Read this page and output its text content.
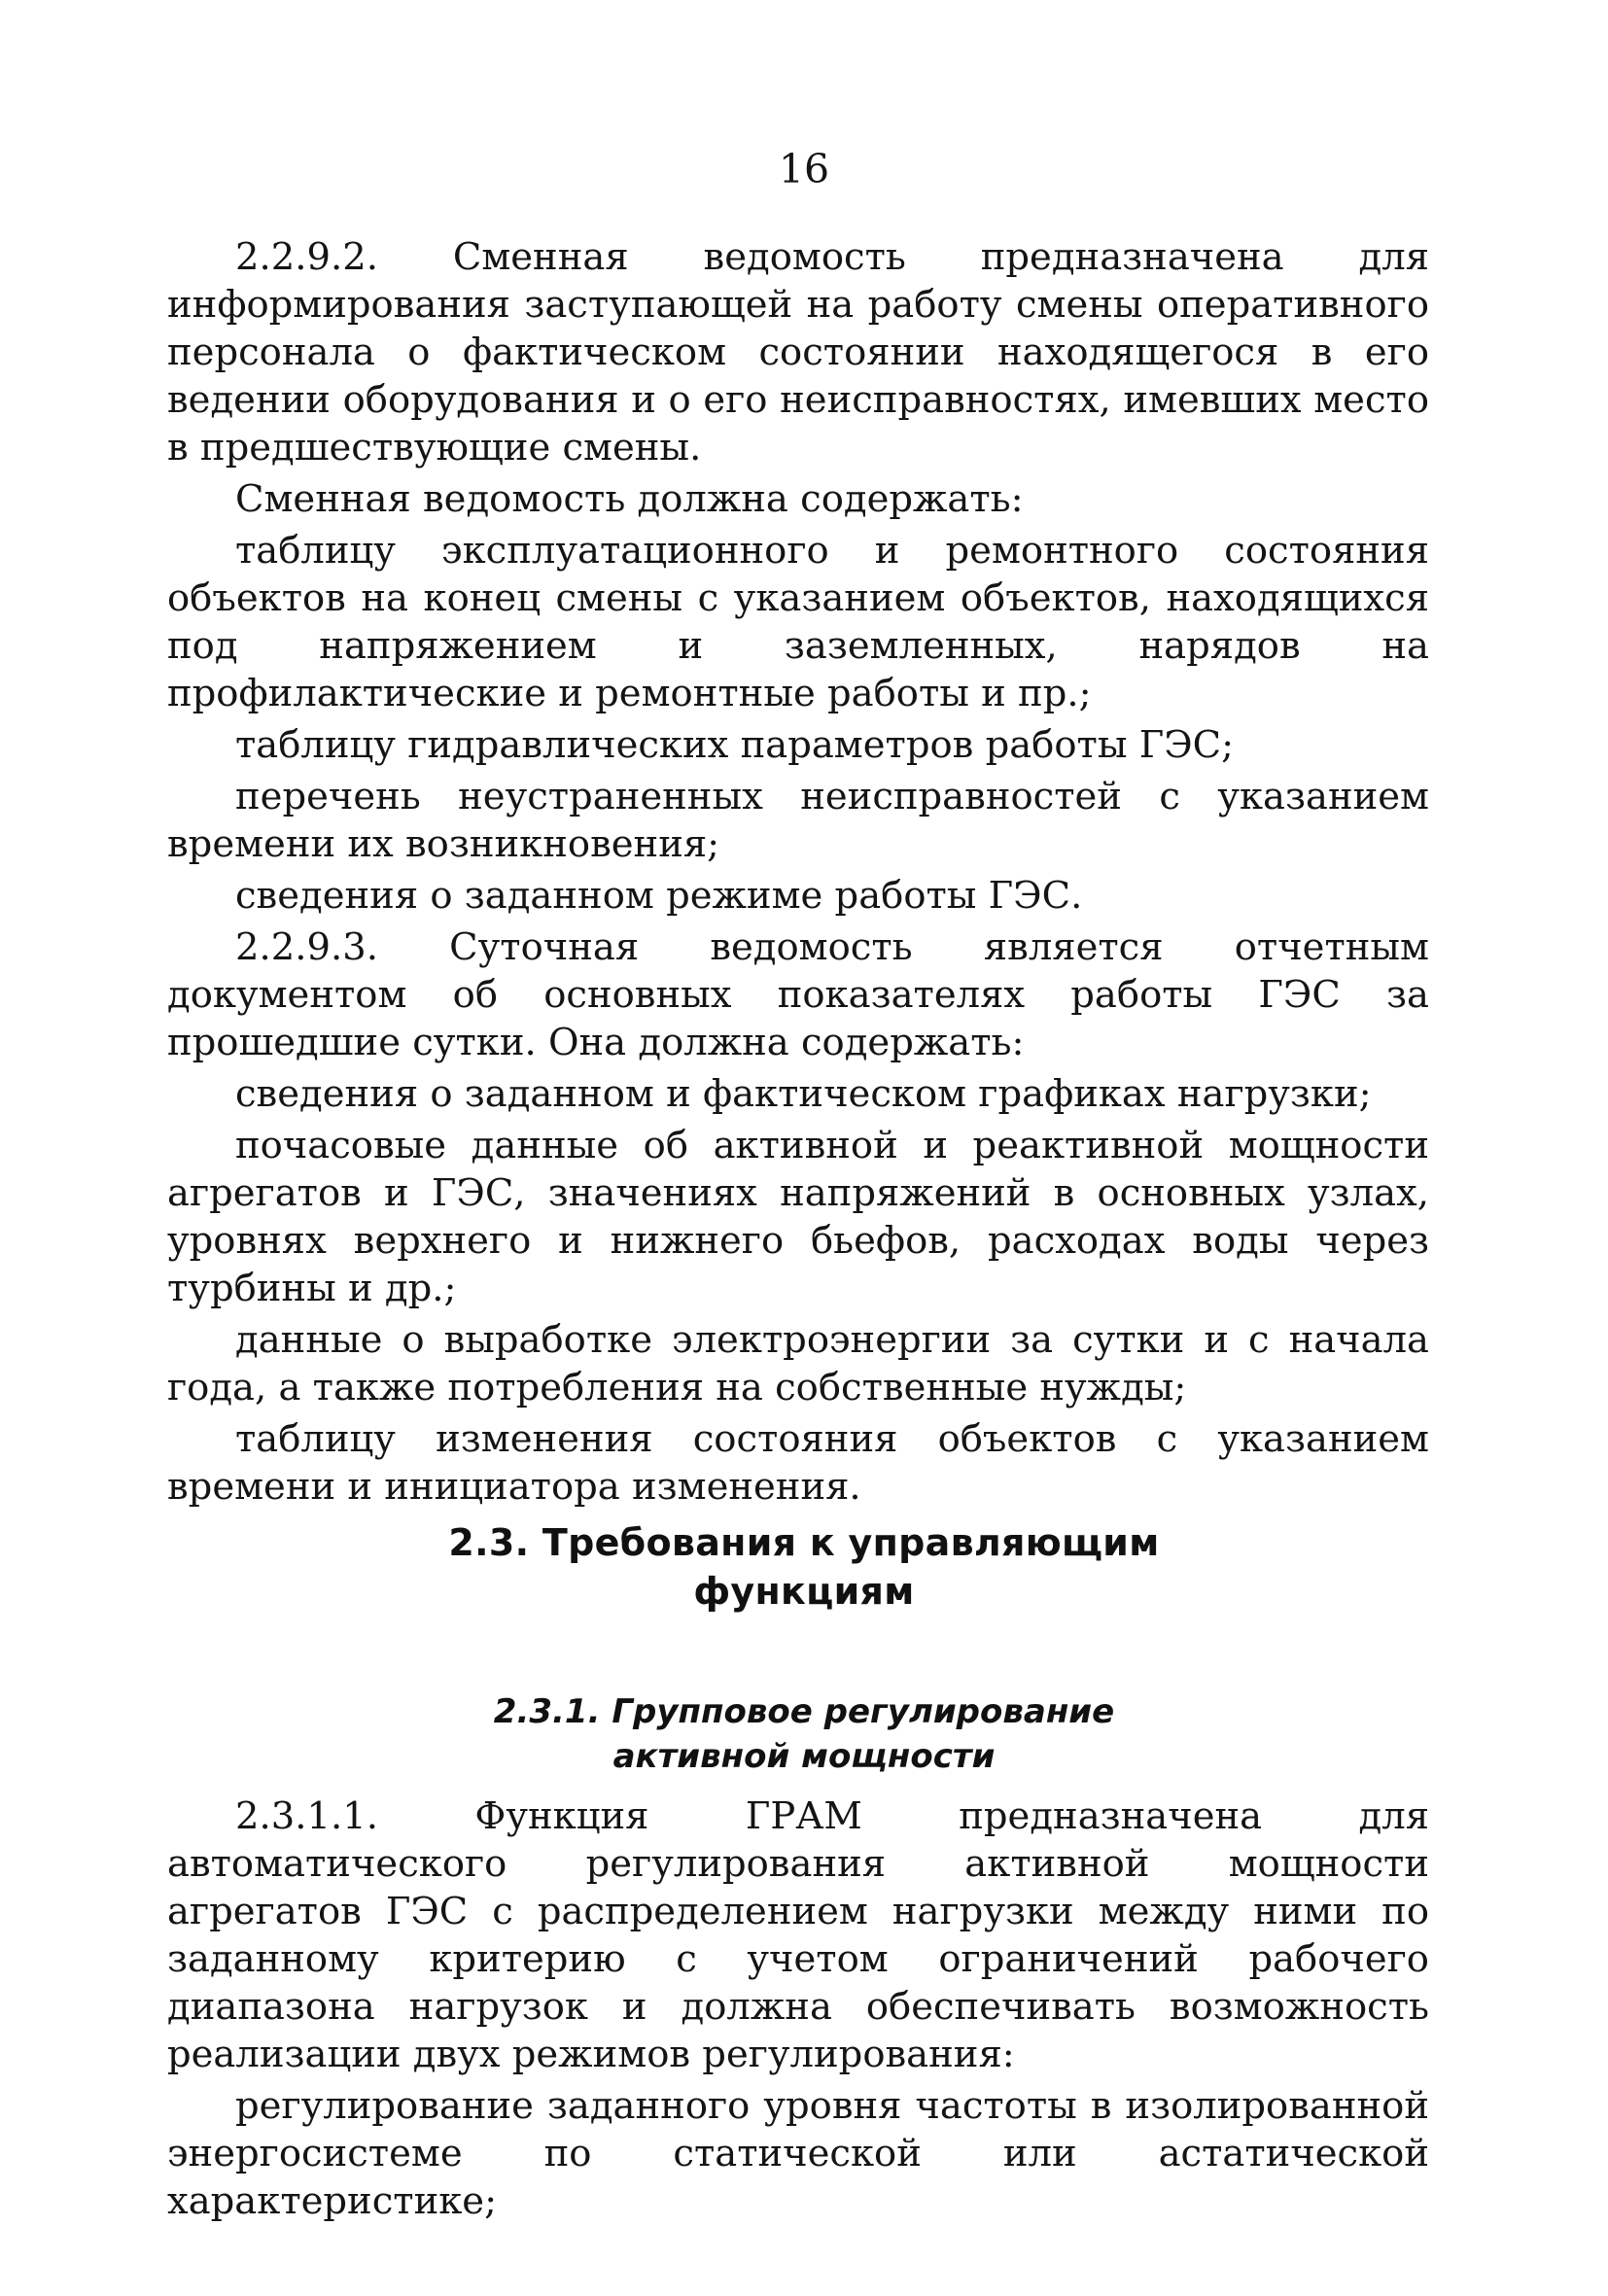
16

2.2.9.2. Сменная ведомость предназначена для информирования заступающей на работу смены оперативного персонала о фактическом состоянии находящегося в его ведении оборудования и о его неисправностях, имевших место в предшествующие смены.

Сменная ведомость должна содержать:

таблицу эксплуатационного и ремонтного состояния объектов на конец смены с указанием объектов, находящихся под напряжением и заземленных, нарядов на профилактические и ремонтные работы и пр.;

таблицу гидравлических параметров работы ГЭС;

перечень неустраненных неисправностей с указанием времени их возникновения;

сведения о заданном режиме работы ГЭС.

2.2.9.3. Суточная ведомость является отчетным документом об основных показателях работы ГЭС за прошедшие сутки. Она должна содержать:

сведения о заданном и фактическом графиках нагрузки;

почасовые данные об активной и реактивной мощности агрегатов и ГЭС, значениях напряжений в основных узлах, уровнях верхнего и нижнего бьефов, расходах воды через турбины и др.;

данные о выработке электроэнергии за сутки и с начала года, а также потребления на собственные нужды;

таблицу изменения состояния объектов с указанием времени и инициатора изменения.

2.3. Требования к управляющим
функциям
2.3.1. Групповое регулирование
активной мощности

2.3.1.1. Функция ГРАМ предназначена для автоматического регулирования активной мощности агрегатов ГЭС с распределением нагрузки между ними по заданному критерию с учетом ограничений рабочего диапазона нагрузок и должна обеспечивать возможность реализации двух режимов регулирования:

регулирование заданного уровня частоты в изолированной энергосистеме по статической или астатической характеристике;
